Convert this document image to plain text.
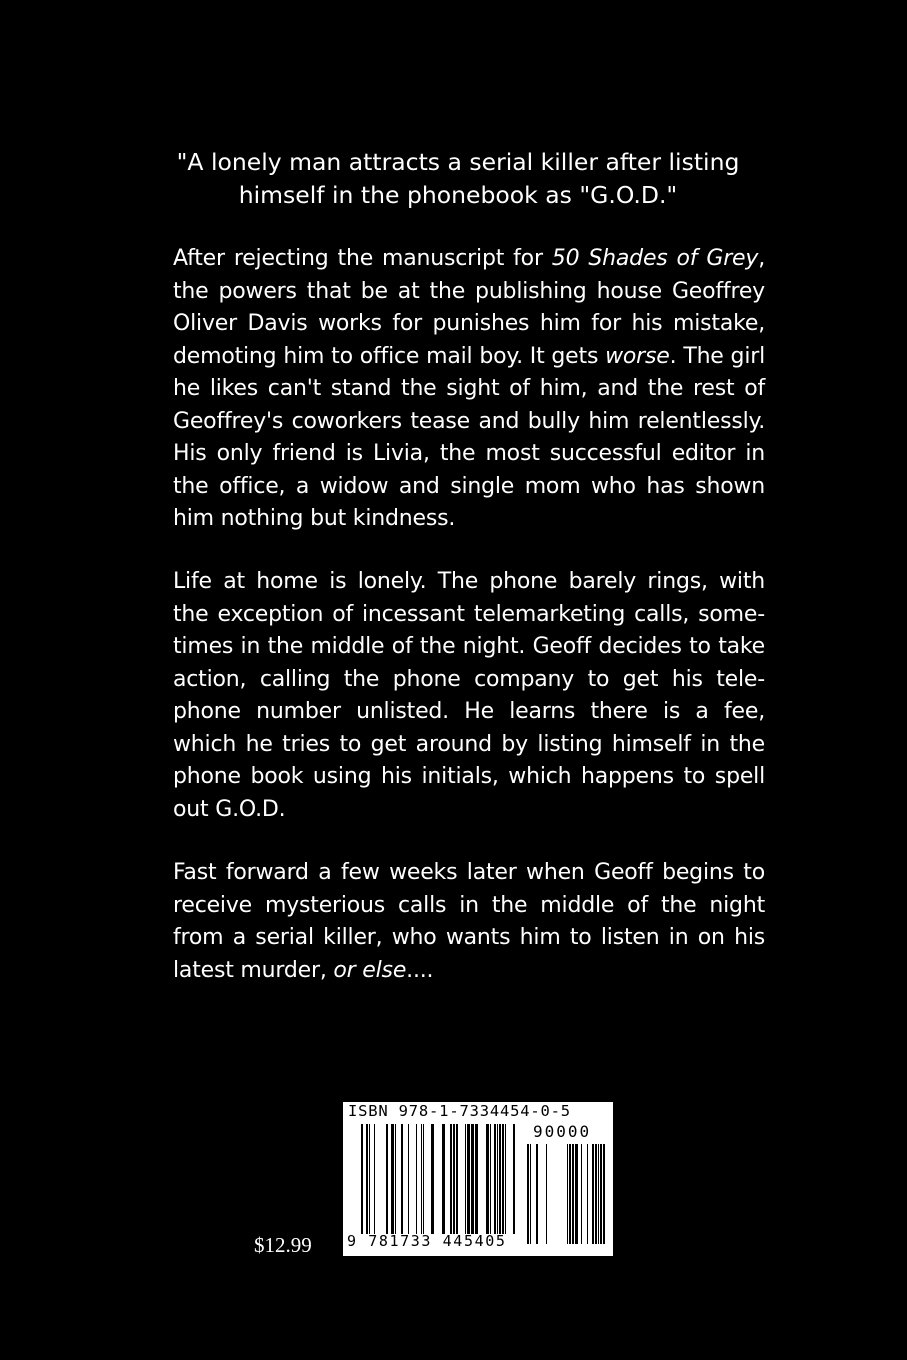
"A lonely man attracts a serial killer after listing himself in the phonebook as "G.O.D."

After rejecting the manuscript for 50 Shades of Grey, the powers that be at the publishing house Geoffrey Oliver Davis works for punishes him for his mistake, demoting him to office mail boy. It gets worse. The girl he likes can't stand the sight of him, and the rest of Geoffrey's coworkers tease and bully him relentlessly. His only friend is Livia, the most successful editor in the office, a widow and single mom who has shown him nothing but kindness.

Life at home is lonely. The phone barely rings, with the exception of incessant telemarketing calls, some-times in the middle of the night. Geoff decides to take action, calling the phone company to get his tele-phone number unlisted. He learns there is a fee, which he tries to get around by listing himself in the phone book using his initials, which happens to spell out G.O.D.

Fast forward a few weeks later when Geoff begins to receive mysterious calls in the middle of the night from a serial killer, who wants him to listen in on his latest murder, or else....

$12.99
ISBN 978-1-7334454-0-5
90000
9 781733 445405
